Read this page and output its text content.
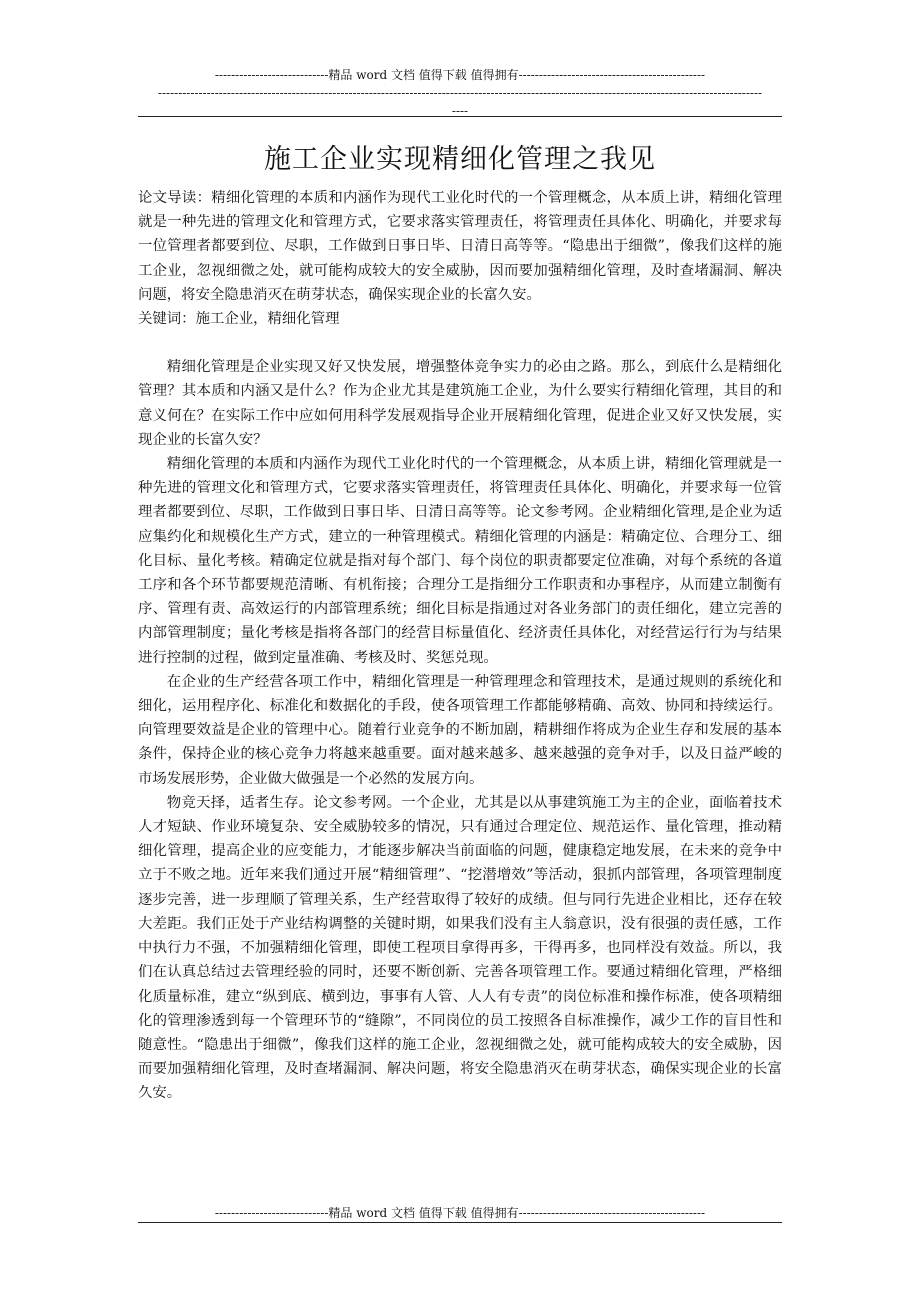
----------------------------精品 word 文档 值得下载 值得拥有----------------------------------------------
-----------------------------------------------------------------------------------------------------------------------------------------------------
----
施工企业实现精细化管理之我见

论文导读：精细化管理的本质和内涵作为现代工业化时代的一个管理概念，从本质上讲，精细化管理就是一种先进的管理文化和管理方式，它要求落实管理责任，将管理责任具体化、明确化，并要求每一位管理者都要到位、尽职，工作做到日事日毕、日清日高等等。“隐患出于细微”，像我们这样的施工企业，忽视细微之处，就可能构成较大的安全威胁，因而要加强精细化管理，及时查堵漏洞、解决问题，将安全隐患消灭在萌芽状态，确保实现企业的长富久安。

关键词：施工企业，精细化管理

精细化管理是企业实现又好又快发展，增强整体竞争实力的必由之路。那么，到底什么是精细化管理？其本质和内涵又是什么？作为企业尤其是建筑施工企业，为什么要实行精细化管理，其目的和意义何在？在实际工作中应如何用科学发展观指导企业开展精细化管理，促进企业又好又快发展，实现企业的长富久安？

精细化管理的本质和内涵作为现代工业化时代的一个管理概念，从本质上讲，精细化管理就是一种先进的管理文化和管理方式，它要求落实管理责任，将管理责任具体化、明确化，并要求每一位管理者都要到位、尽职，工作做到日事日毕、日清日高等等。论文参考网。企业精细化管理,是企业为适应集约化和规模化生产方式，建立的一种管理模式。精细化管理的内涵是：精确定位、合理分工、细化目标、量化考核。精确定位就是指对每个部门、每个岗位的职责都要定位准确，对每个系统的各道工序和各个环节都要规范清晰、有机衔接；合理分工是指细分工作职责和办事程序，从而建立制衡有序、管理有责、高效运行的内部管理系统；细化目标是指通过对各业务部门的责任细化，建立完善的内部管理制度；量化考核是指将各部门的经营目标量值化、经济责任具体化，对经营运行行为与结果进行控制的过程，做到定量准确、考核及时、奖惩兑现。

在企业的生产经营各项工作中，精细化管理是一种管理理念和管理技术，是通过规则的系统化和细化，运用程序化、标准化和数据化的手段，使各项管理工作都能够精确、高效、协同和持续运行。向管理要效益是企业的管理中心。随着行业竞争的不断加剧，精耕细作将成为企业生存和发展的基本条件，保持企业的核心竞争力将越来越重要。面对越来越多、越来越强的竞争对手，以及日益严峻的市场发展形势，企业做大做强是一个必然的发展方向。

物竞天择，适者生存。论文参考网。一个企业，尤其是以从事建筑施工为主的企业，面临着技术人才短缺、作业环境复杂、安全威胁较多的情况，只有通过合理定位、规范运作、量化管理，推动精细化管理，提高企业的应变能力，才能逐步解决当前面临的问题，健康稳定地发展，在未来的竞争中立于不败之地。近年来我们通过开展“精细管理”、“挖潜增效”等活动，狠抓内部管理，各项管理制度逐步完善，进一步理顺了管理关系，生产经营取得了较好的成绩。但与同行先进企业相比，还存在较大差距。我们正处于产业结构调整的关键时期，如果我们没有主人翁意识，没有很强的责任感，工作中执行力不强，不加强精细化管理，即使工程项目拿得再多，干得再多，也同样没有效益。所以，我们在认真总结过去管理经验的同时，还要不断创新、完善各项管理工作。要通过精细化管理，严格细化质量标准，建立“纵到底、横到边，事事有人管、人人有专责”的岗位标准和操作标准，使各项精细化的管理渗透到每一个管理环节的“缝隙”，不同岗位的员工按照各自标准操作，减少工作的盲目性和随意性。“隐患出于细微”，像我们这样的施工企业，忽视细微之处，就可能构成较大的安全威胁，因而要加强精细化管理，及时查堵漏洞、解决问题，将安全隐患消灭在萌芽状态，确保实现企业的长富久安。

----------------------------精品 word 文档 值得下载 值得拥有----------------------------------------------
